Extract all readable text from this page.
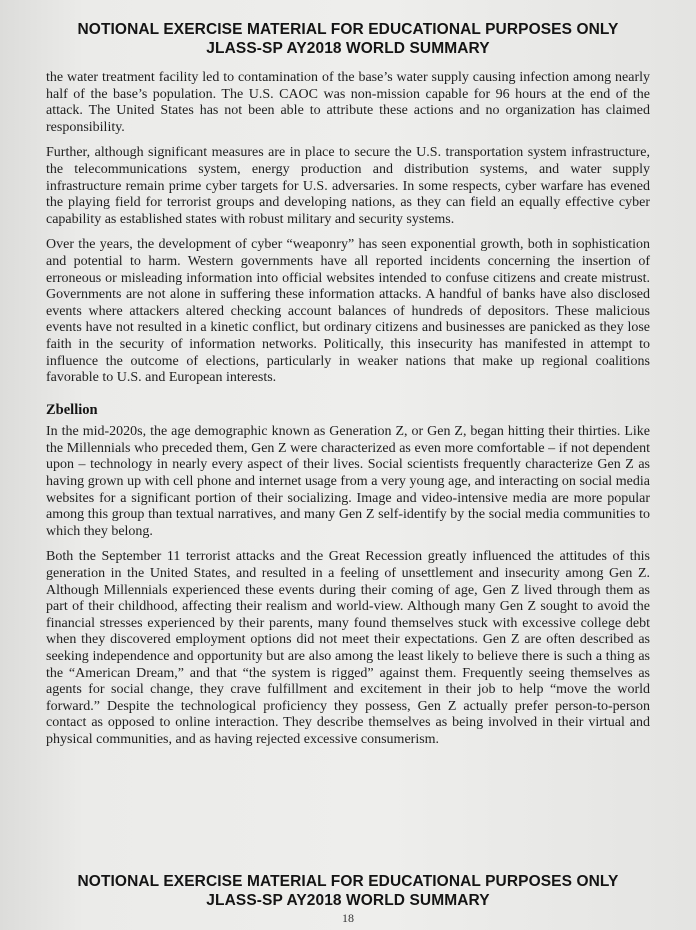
NOTIONAL EXERCISE MATERIAL FOR EDUCATIONAL PURPOSES ONLY
JLASS-SP AY2018 WORLD SUMMARY

the water treatment facility led to contamination of the base’s water supply causing infection among nearly half of the base’s population. The U.S. CAOC was non-mission capable for 96 hours at the end of the attack. The United States has not been able to attribute these actions and no organization has claimed responsibility.

Further, although significant measures are in place to secure the U.S. transportation system infrastructure, the telecommunications system, energy production and distribution systems, and water supply infrastructure remain prime cyber targets for U.S. adversaries. In some respects, cyber warfare has evened the playing field for terrorist groups and developing nations, as they can field an equally effective cyber capability as established states with robust military and security systems.

Over the years, the development of cyber “weaponry” has seen exponential growth, both in sophistication and potential to harm. Western governments have all reported incidents concerning the insertion of erroneous or misleading information into official websites intended to confuse citizens and create mistrust. Governments are not alone in suffering these information attacks. A handful of banks have also disclosed events where attackers altered checking account balances of hundreds of depositors. These malicious events have not resulted in a kinetic conflict, but ordinary citizens and businesses are panicked as they lose faith in the security of information networks. Politically, this insecurity has manifested in attempt to influence the outcome of elections, particularly in weaker nations that make up regional coalitions favorable to U.S. and European interests.

Zbellion

In the mid-2020s, the age demographic known as Generation Z, or Gen Z, began hitting their thirties. Like the Millennials who preceded them, Gen Z were characterized as even more comfortable – if not dependent upon – technology in nearly every aspect of their lives. Social scientists frequently characterize Gen Z as having grown up with cell phone and internet usage from a very young age, and interacting on social media websites for a significant portion of their socializing. Image and video-intensive media are more popular among this group than textual narratives, and many Gen Z self-identify by the social media communities to which they belong.

Both the September 11 terrorist attacks and the Great Recession greatly influenced the attitudes of this generation in the United States, and resulted in a feeling of unsettlement and insecurity among Gen Z. Although Millennials experienced these events during their coming of age, Gen Z lived through them as part of their childhood, affecting their realism and world-view. Although many Gen Z sought to avoid the financial stresses experienced by their parents, many found themselves stuck with excessive college debt when they discovered employment options did not meet their expectations. Gen Z are often described as seeking independence and opportunity but are also among the least likely to believe there is such a thing as the “American Dream,” and that “the system is rigged” against them. Frequently seeing themselves as agents for social change, they crave fulfillment and excitement in their job to help “move the world forward.” Despite the technological proficiency they possess, Gen Z actually prefer person-to-person contact as opposed to online interaction. They describe themselves as being involved in their virtual and physical communities, and as having rejected excessive consumerism.

NOTIONAL EXERCISE MATERIAL FOR EDUCATIONAL PURPOSES ONLY
JLASS-SP AY2018 WORLD SUMMARY
18
